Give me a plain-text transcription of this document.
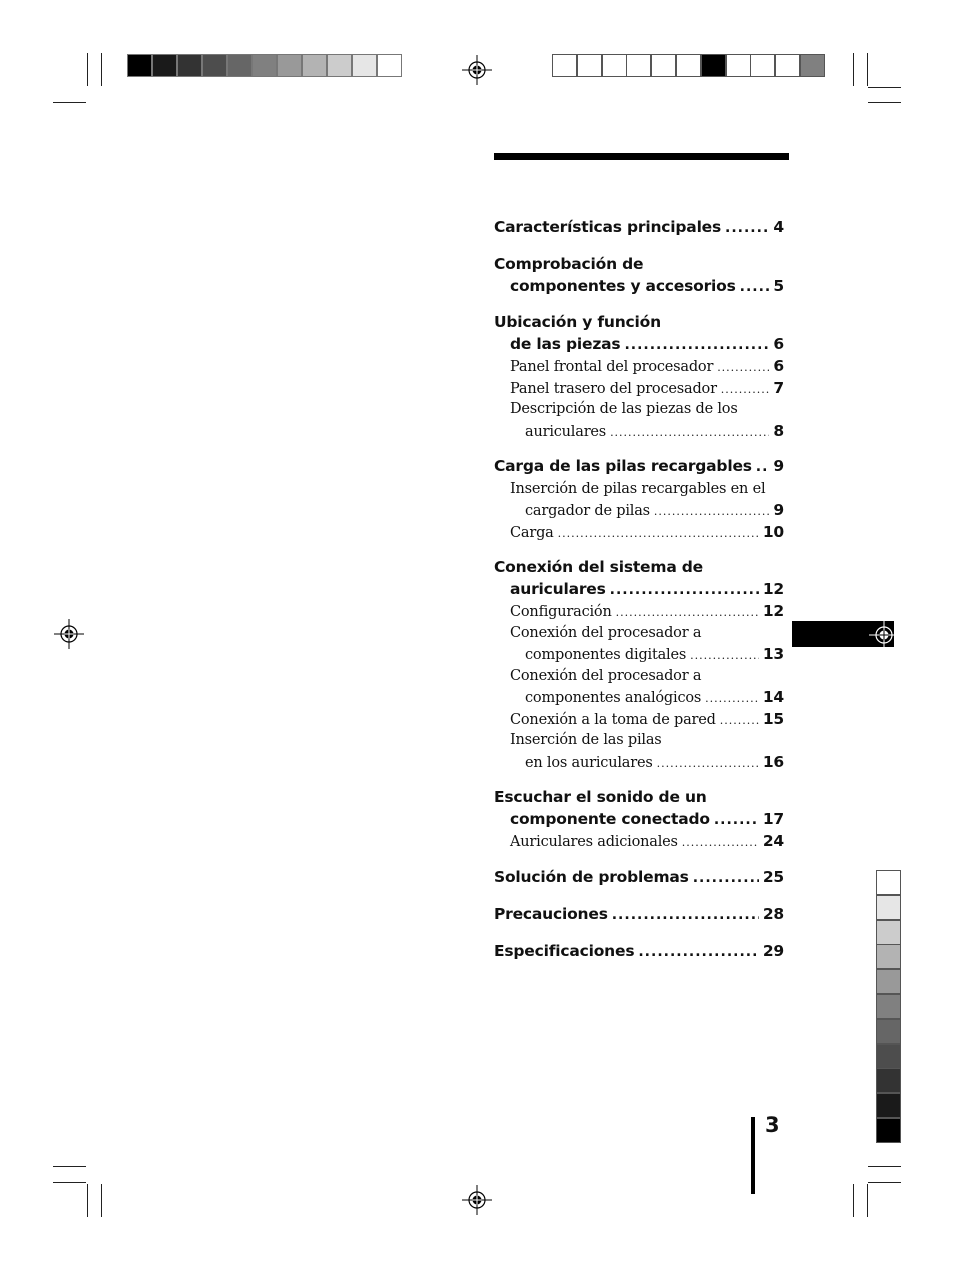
Características principales .....	4
Comprobación de
componentes y accesorios ..... 5
Ubicación y función
de las piezas .....	6
Panel frontal del procesador .....	6
Panel trasero del procesador .....	7
Descripción de las piezas de los
auriculares .....	8
Carga de las pilas recargables ..... 9
Inserción de pilas recargables en el
cargador de pilas .....	9
Carga .....	10
Conexión del sistema de
auriculares .....	12
Configuración .....	12
Conexión del procesador a
componentes digitales .....	13
Conexión del procesador a
componentes analógicos .....	14
Conexión a la toma de pared .....	15
Inserción de las pilas
en los auriculares .....	16
Escuchar el sonido de un
componente conectado .....	17
Auriculares adicionales .....	24
Solución de problemas .....	25
Precauciones .....	28
Especificaciones .....	29
3
